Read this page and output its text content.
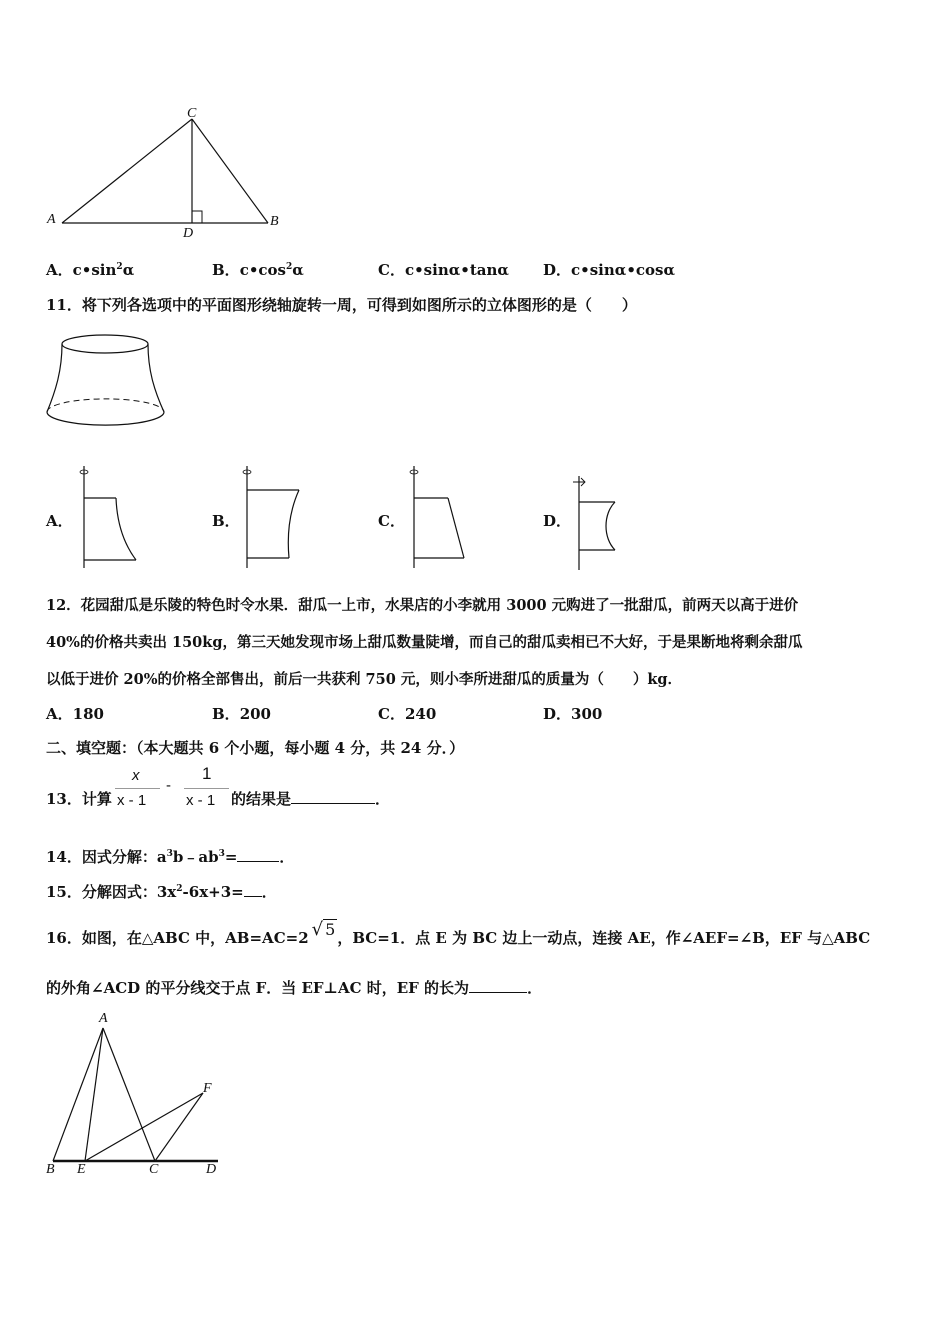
C
A	B
D
A．$c•\sin^2\alpha$	B．$c•\cos^2\alpha$	C．c•sinα•tanα D．c•sinα•cosα
11．将下列各选项中的平面图形绕轴旋转一周，可得到如图所示的立体图形的是（　　）
A．	B．	C．	D．
12．花园甜瓜是乐陵的特色时令水果．甜瓜一上市，水果店的小李就用 3000 元购进了一批甜瓜，前两天以高于进价
40%的价格共卖出 150kg，第三天她发现市场上甜瓜数量陡增，而自己的甜瓜卖相已不大好，于是果断地将剩余甜瓜
以低于进价 20%的价格全部售出，前后一共获利 750 元，则小李所进甜瓜的质量为（　　）kg．
A．180	B．200	C．240	D．300
二、填空题：（本大题共 6 个小题，每小题 4 分，共 24 分．）
13．计算
x
x - 1
-
1
x - 1 的结果是	．
14．因式分解：$a^3b﹣ab^3=$	．
15．分解因式：$3x^2-6x+3=$ ．
16．如图，在△ABC 中，AB=AC=2 √ 5 ，BC=1．点 E 为 BC 边上一动点，连接 AE，作∠AEF=∠B，EF 与△ABC
的外角∠ACD 的平分线交于点 F．当 EF⊥AC 时，EF 的长为	．
A
F
B E	C	D
